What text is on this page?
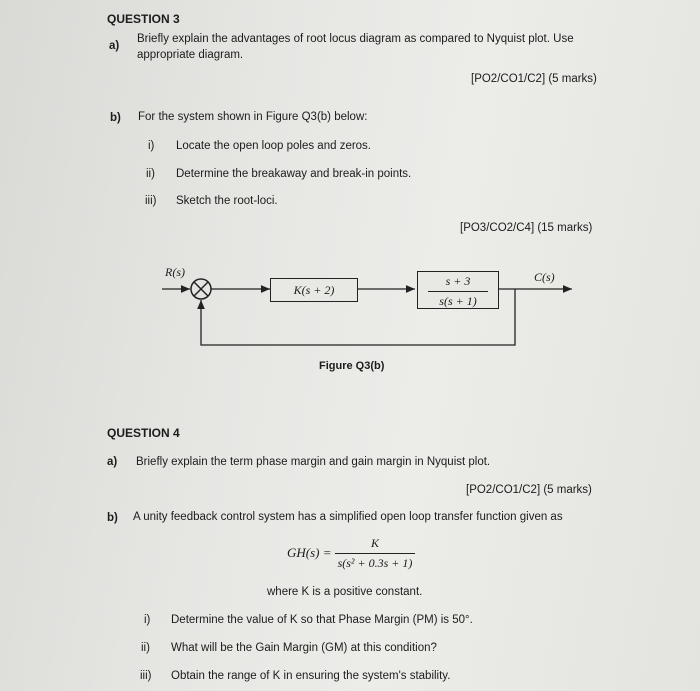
QUESTION 3
a)
Briefly explain the advantages of root locus diagram as compared to Nyquist plot. Use
appropriate diagram.
[PO2/CO1/C2] (5 marks)
b) For the system shown in Figure Q3(b) below:
i) Locate the open loop poles and zeros.
ii) Determine the breakaway and break-in points.
iii) Sketch the root-loci.
[PO3/CO2/C4] (15 marks)
R(s)	C(s)
K(s + 2)
s + 3
s(s + 1)
Figure Q3(b)
QUESTION 4
a) Briefly explain the term phase margin and gain margin in Nyquist plot.
[PO2/CO1/C2] (5 marks)
b) A unity feedback control system has a simplified open loop transfer function given as
GH(s) =
K
s(s² + 0.3s + 1)
where K is a positive constant.
i) Determine the value of K so that Phase Margin (PM) is 50°.
ii) What will be the Gain Margin (GM) at this condition?
iii) Obtain the range of K in ensuring the system's stability.
